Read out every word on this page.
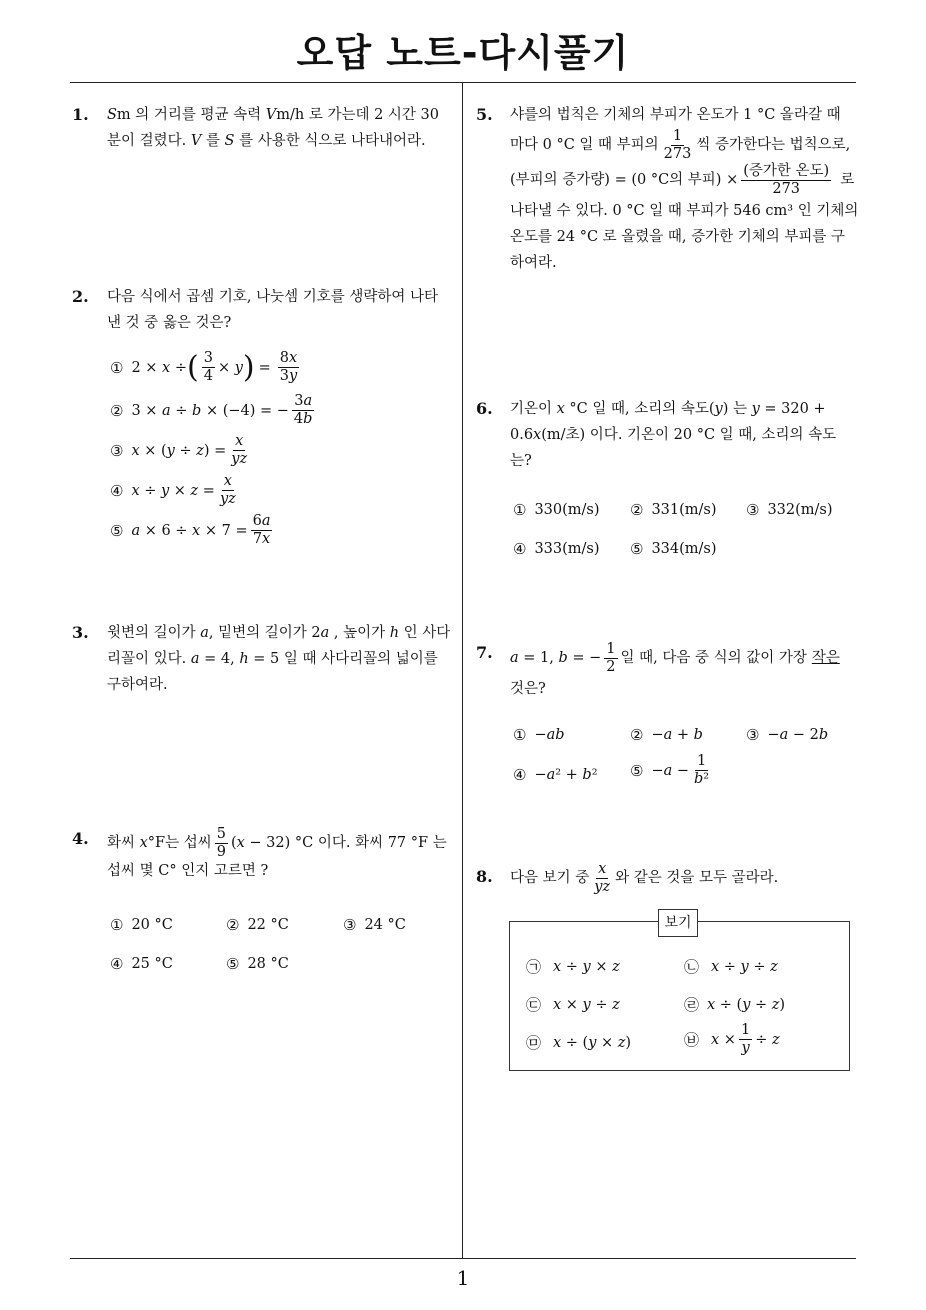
오답 노트-다시풀기
1
1. 𝑆m 의 거리를 평균 속력 𝑉m/h 로 가는데 2 시간 30
분이 걸렸다. 𝑉 를 𝑆 를 사용한 식으로 나타내어라.
2. 다음 식에서 곱셈 기호, 나눗셈 기호를 생략하여 나타
낸 것 중 옳은 것은?
① 2 × 𝑥 ÷ ( $\frac{3}{4}$ × 𝑦 ) = $\frac{\text{8𝑥}}{\text{3𝑦}}$
② 3 × 𝑎 ÷ 𝑏 × (−4) = − $\frac{\text{3𝑎}}{\text{4𝑏}}$
③ 𝑥 × (𝑦 ÷ 𝑧) = $\frac{\text{𝑥}}{\text{𝑦𝑧}}$
④ 𝑥 ÷ 𝑦 × 𝑧 = $\frac{\text{𝑥}}{\text{𝑦𝑧}}$
⑤ 𝑎 × 6 ÷ 𝑥 × $7 = \frac{\text{6𝑎}}{\text{7𝑥}}$
3. 윗변의 길이가 𝑎, 밑변의 길이가 2𝑎 , 높이가 ℎ 인 사다
리꼴이 있다. 𝑎 = 4, ℎ = 5 일 때 사다리꼴의 넓이를
구하여라.
4. 화씨 𝑥°F는 섭씨 $\frac{5}{9}$ (𝑥 − 32) °C 이다. 화씨 77 °F 는
섭씨 몇 C° 인지 고르면 ?
① 20 °C	② 22 °C	③ 24 °C
④ 25 °C	⑤ 28 °C
5. 샤를의 법칙은 기체의 부피가 온도가 1 °C 올라갈 때
마다 0 °C 일 때 부피의 $\frac{1}{273}$ 씩 증가한다는 법칙으로,
(부피의 증가량) = (0 °C의 부피) × $\frac{\text{(증가한 온도)}}{273}$ 로
나타낼 수 있다. 0 °C 일 때 부피가 546 cm³ 인 기체의
온도를 24 °C 로 올렸을 때, 증가한 기체의 부피를 구
하여라.
6. 기온이 𝑥 °C 일 때, 소리의 속도(𝑦) 는 𝑦 = 320 +
0.6𝑥(m/초) 이다. 기온이 20 °C 일 때, 소리의 속도
는?
① 330(m/s) ② 331(m/s) ③ 332(m/s)
④ 333(m/s) ⑤ 334(m/s)
7. 𝑎 = 1, 𝑏 = − $\frac{1}{2}$ 일 때, 다음 중 식의 값이 가장 작은
것은?
① −𝑎𝑏	② −𝑎 + 𝑏	③ −𝑎 − 2𝑏
④ −𝑎² + 𝑏² ⑤ −𝑎 − $\frac{1}{\text{𝑏²}}$
8. 다음 보기 중 $\frac{\text{𝑥}}{\text{𝑦𝑧}}$ 와 같은 것을 모두 골라라.
보기
㉠ 𝑥 ÷ 𝑦 × 𝑧	㉡ 𝑥 ÷ 𝑦 ÷ 𝑧
㉢ 𝑥 × 𝑦 ÷ 𝑧	㉣ 𝑥 ÷ (𝑦 ÷ 𝑧)
㉤ 𝑥 ÷ (𝑦 × 𝑧)	㉥ 𝑥 × $\frac{1}{\text{𝑦}}$ ÷ 𝑧
